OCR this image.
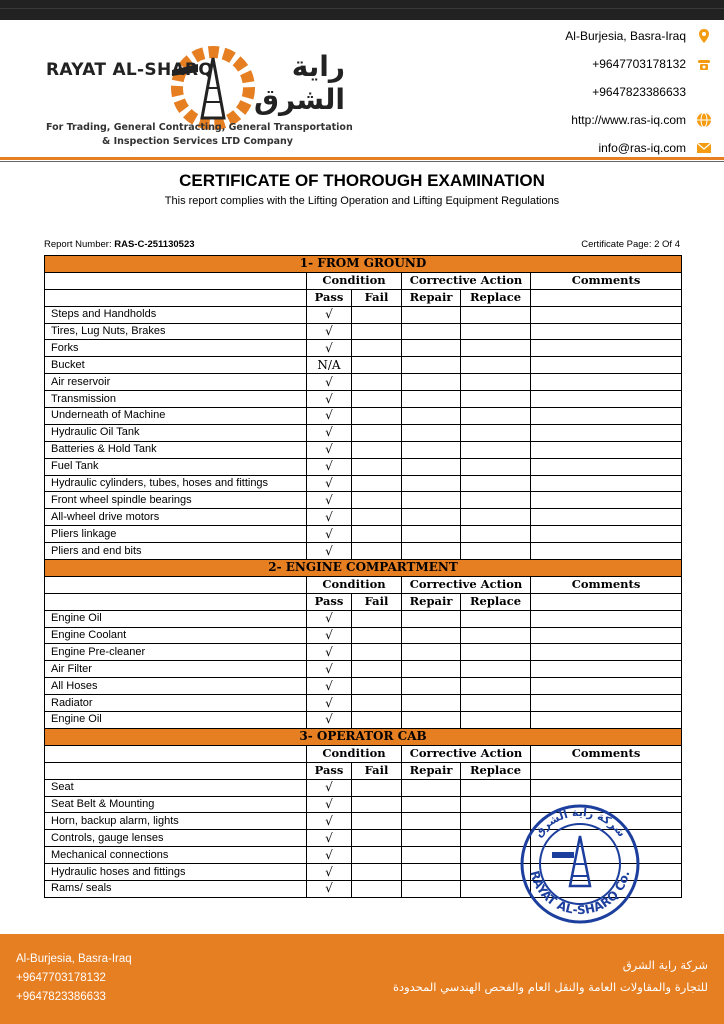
RAYAT AL-SHARQ	راية الشرق
For Trading, General Contracting, General Transportation
& Inspection Services LTD Company
Al-Burjesia, Basra-Iraq
+9647703178132
+9647823386633
http://www.ras-iq.com
info@ras-iq.com
CERTIFICATE OF THOROUGH EXAMINATION
This report complies with the Lifting Operation and Lifting Equipment Regulations
Report Number: RAS-C-251130523	Certificate Page: 2 Of 4
1- FROM GROUND					
	Condition		Corrective Action		Comments
	Pass	Fail	Repair	Replace	
Steps and Handholds	√				
Tires, Lug Nuts, Brakes	√				
Forks	√				
Bucket	N/A				
Air reservoir	√				
Transmission	√				
Underneath of Machine	√				
Hydraulic Oil Tank	√				
Batteries & Hold Tank	√				
Fuel Tank	√				
Hydraulic cylinders, tubes, hoses and fittings	√				
Front wheel spindle bearings	√				
All-wheel drive motors	√				
Pliers linkage	√				
Pliers and end bits	√				
2- ENGINE COMPARTMENT					
	Condition		Corrective Action		Comments
	Pass	Fail	Repair	Replace	
Engine Oil	√				
Engine Coolant	√				
Engine Pre-cleaner	√				
Air Filter	√				
All Hoses	√				
Radiator	√				
Engine Oil	√				
3- OPERATOR CAB					
	Condition		Corrective Action		Comments
	Pass	Fail	Repair	Replace	
Seat	√				
Seat Belt & Mounting	√				
Horn, backup alarm, lights	√				
Controls, gauge lenses	√				
Mechanical connections	√				
Hydraulic hoses and fittings	√				
Rams/ seals	√				
شركة راية الشرق
RAYAT AL-SHARQ Co.
Al-Burjesia, Basra-Iraq
+9647703178132
+9647823386633
شركة راية الشرق
للتجارة والمقاولات العامة والنقل العام والفحص الهندسي المحدودة
